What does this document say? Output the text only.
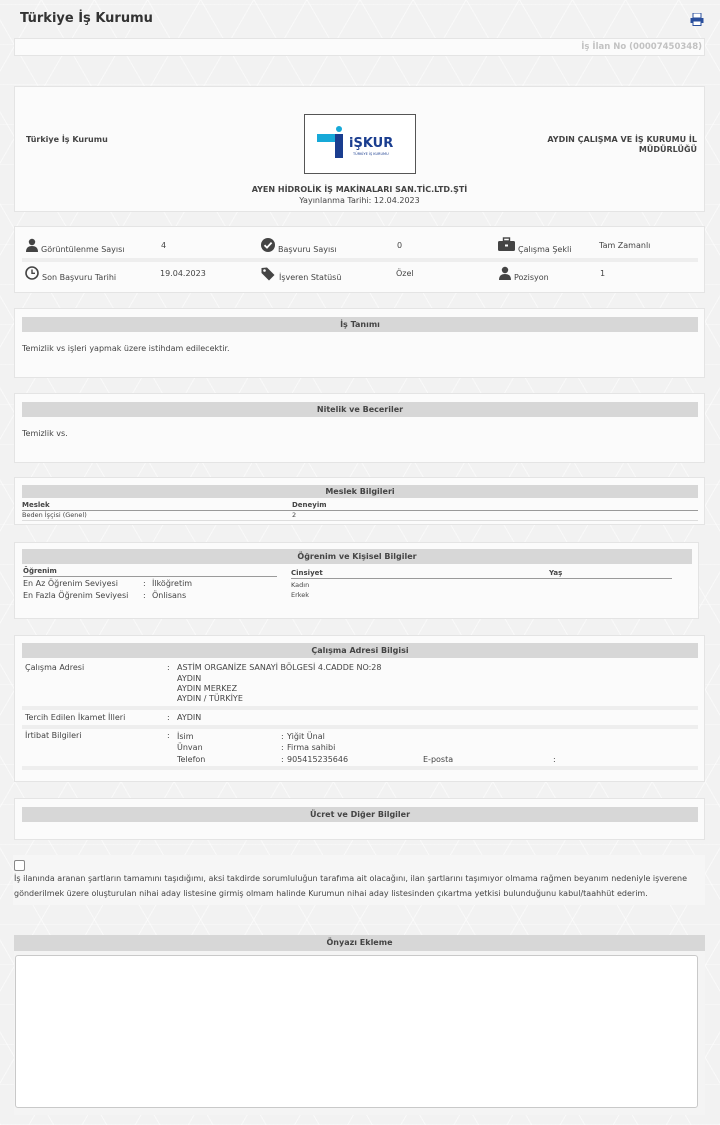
Türkiye İş Kurumu
İş İlan No (00007450348)
Türkiye İş Kurumu	AYDIN ÇALIŞMA VE İŞ KURUMU İL MÜDÜRLÜĞÜ
iŞKUR
TÜRKİYE İŞ KURUMU
AYEN HİDROLİK İŞ MAKİNALARI SAN.TİC.LTD.ŞTİ
Yayınlanma Tarihi: 12.04.2023
Görüntülenme Sayısı	4	Başvuru Sayısı	0	Çalışma Şekli	Tam Zamanlı
Son Başvuru Tarihi	19.04.2023	İşveren Statüsü	Özel	Pozisyon	1
İş Tanımı
Temizlik vs işleri yapmak üzere istihdam edilecektir.
Nitelik ve Beceriler
Temizlik vs.
Meslek Bilgileri
Meslek	Deneyim
Beden İşçisi (Genel)	2
Öğrenim ve Kişisel Bilgiler
Öğrenim
En Az Öğrenim Seviyesi	: İlköğretim
En Fazla Öğrenim Seviyesi : Önlisans
Cinsiyet	Yaş
Kadın
Erkek
Çalışma Adresi Bilgisi
Çalışma Adresi	: ASTİM ORGANİZE SANAYİ BÖLGESİ 4.CADDE NO:28
AYDIN
AYDIN MERKEZ
AYDIN / TÜRKİYE
Tercih Edilen İkamet İlleri	: AYDIN
İrtibat Bilgileri	: İsim	: Yiğit Ünal
Ünvan	: Firma sahibi
Telefon	: 905415235646	E-posta	:
Ücret ve Diğer Bilgiler
İş ilanında aranan şartların tamamını taşıdığımı, aksi takdirde sorumluluğun tarafıma ait olacağını, ilan şartlarını taşımıyor olmama rağmen beyanım nedeniyle işverene
gönderilmek üzere oluşturulan nihai aday listesine girmiş olmam halinde Kurumun nihai aday listesinden çıkartma yetkisi bulunduğunu kabul/taahhüt ederim.
Önyazı Ekleme
